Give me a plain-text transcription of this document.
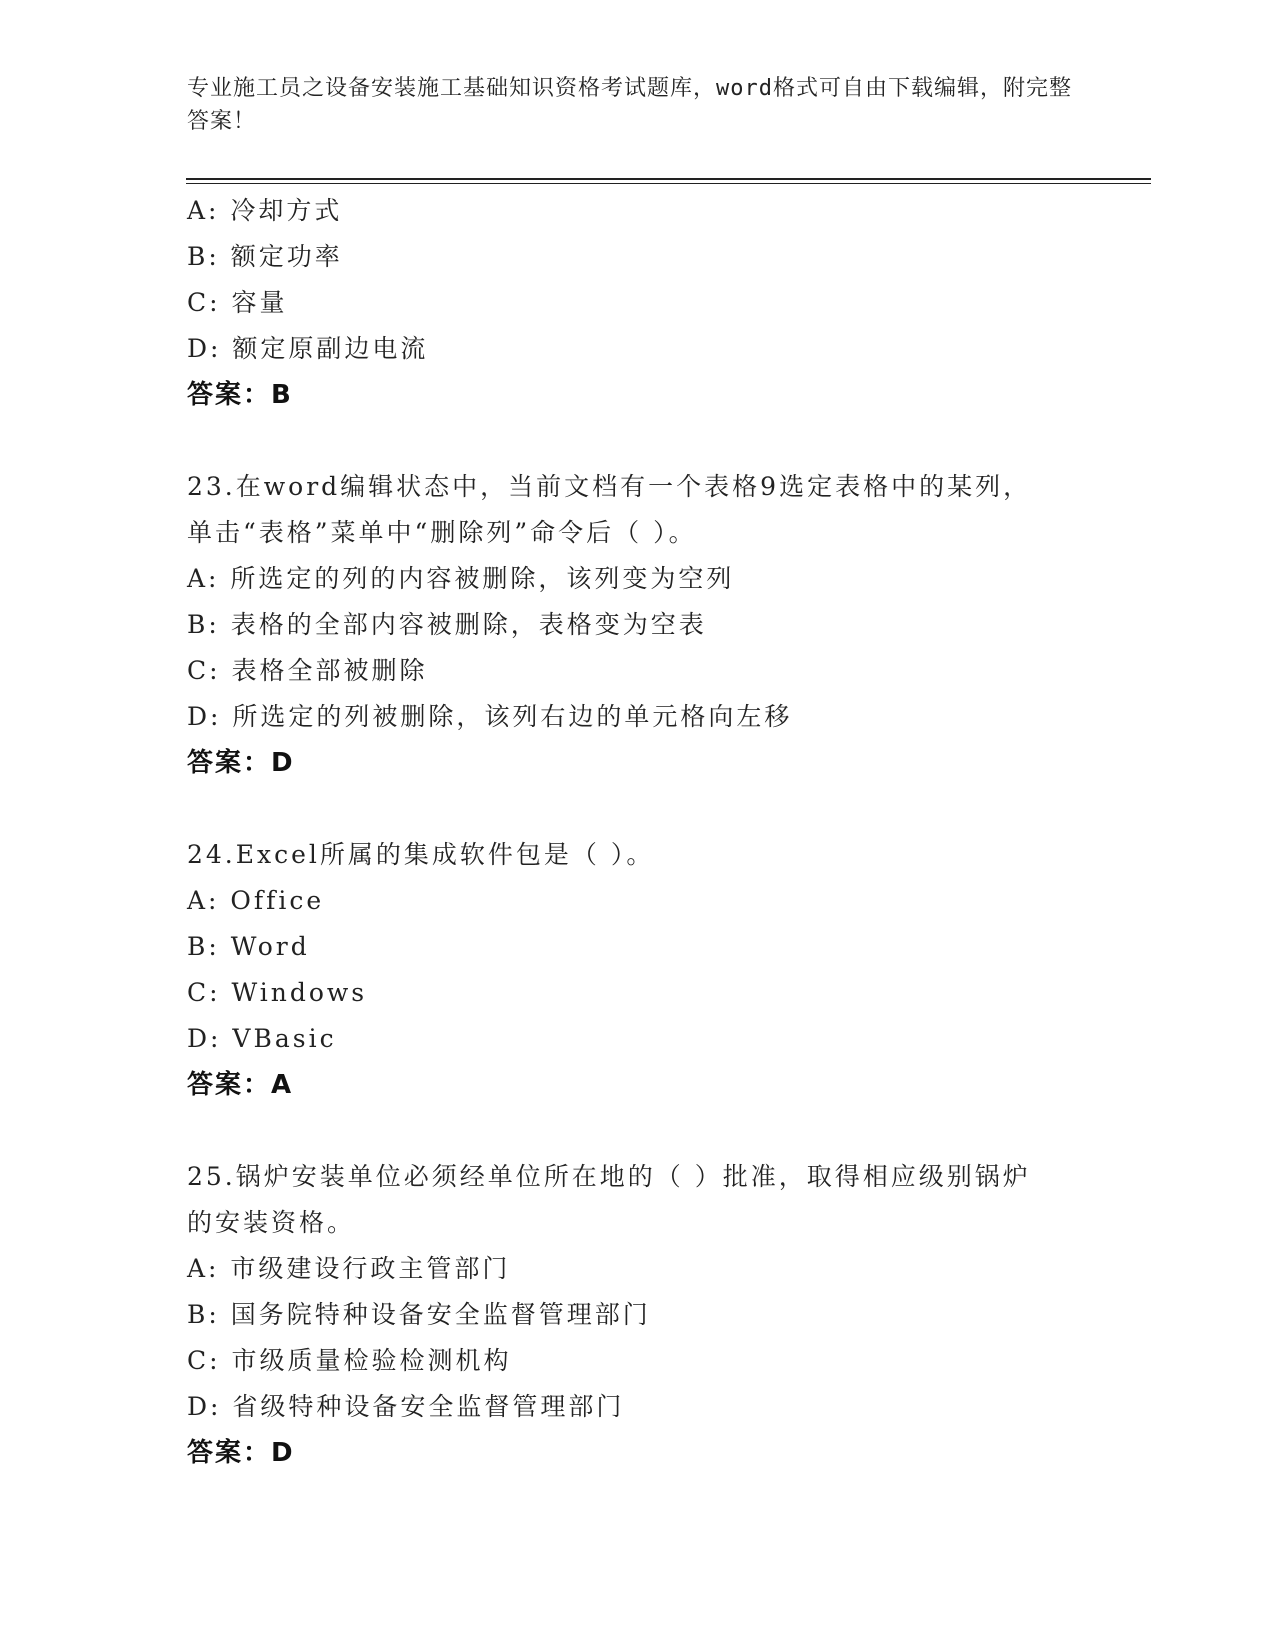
专业施工员之设备安装施工基础知识资格考试题库，word格式可自由下载编辑，附完整答案！
A: 冷却方式
B: 额定功率
C: 容量
D: 额定原副边电流
答案：B
23.在word编辑状态中，当前文档有一个表格9选定表格中的某列，
单击“表格”菜单中“删除列”命令后（ ）。
A: 所选定的列的内容被删除，该列变为空列
B: 表格的全部内容被删除，表格变为空表
C: 表格全部被删除
D: 所选定的列被删除，该列右边的单元格向左移
答案：D
24.Excel所属的集成软件包是（ ）。
A: Office
B: Word
C: Windows
D: VBasic
答案：A
25.锅炉安装单位必须经单位所在地的（ ）批准，取得相应级别锅炉
的安装资格。
A: 市级建设行政主管部门
B: 国务院特种设备安全监督管理部门
C: 市级质量检验检测机构
D: 省级特种设备安全监督管理部门
答案：D
